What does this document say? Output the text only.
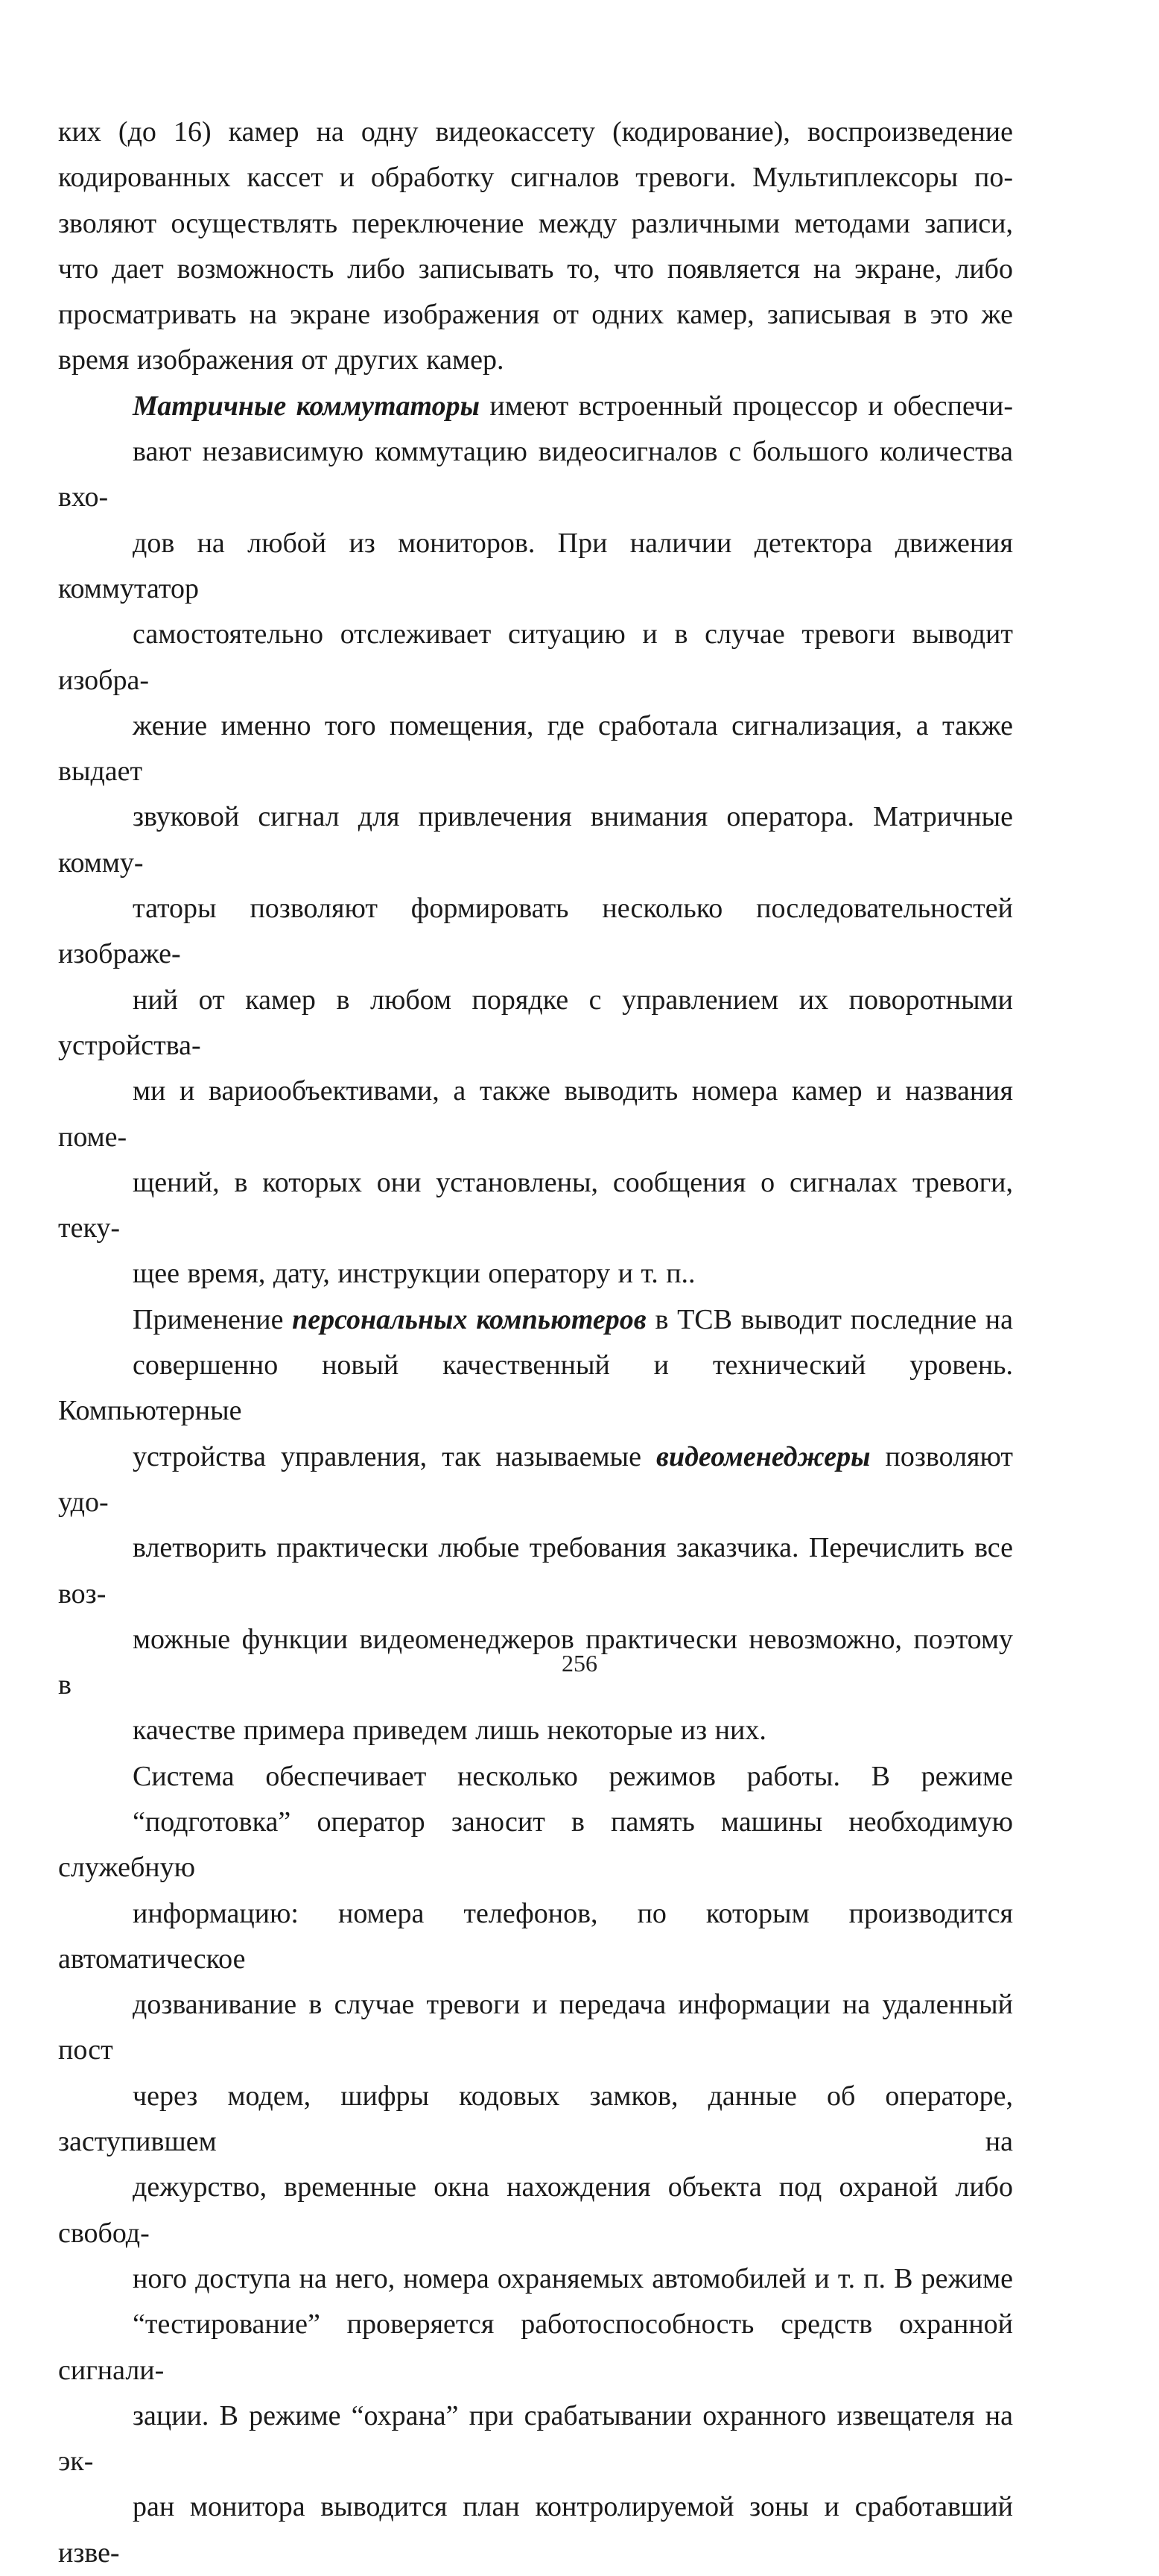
ких (до 16) камер на одну видеокассету (кодирование), воспроизведение
кодированных кассет и обработку сигналов тревоги. Мультиплексоры по-
зволяют осуществлять переключение между различными методами записи,
что дает возможность либо записывать то, что появляется на экране, либо
просматривать на экране изображения от одних камер, записывая в это же
время изображения от других камер.

Матричные коммутаторы имеют встроенный процессор и обеспечи-
вают независимую коммутацию видеосигналов с большого количества вхо-
дов на любой из мониторов. При наличии детектора движения коммутатор
самостоятельно отслеживает ситуацию и в случае тревоги выводит изобра-
жение именно того помещения, где сработала сигнализация, а также выдает
звуковой сигнал для привлечения внимания оператора. Матричные комму-
таторы позволяют формировать несколько последовательностей изображе-
ний от камер в любом порядке с управлением их поворотными устройства-
ми и вариообъективами, а также выводить номера камер и названия поме-
щений, в которых они установлены, сообщения о сигналах тревоги, теку-
щее время, дату, инструкции оператору и т. п..

Применение персональных компьютеров в ТСВ выводит последние на
совершенно новый качественный и технический уровень. Компьютерные
устройства управления, так называемые видеоменеджеры позволяют удо-
влетворить практически любые требования заказчика. Перечислить все воз-
можные функции видеоменеджеров практически невозможно, поэтому в
качестве примера приведем лишь некоторые из них.

Система обеспечивает несколько режимов работы. В режиме
“подготовка” оператор заносит в память машины необходимую служебную
информацию: номера телефонов, по которым производится автоматическое
дозванивание в случае тревоги и передача информации на удаленный пост
через модем, шифры кодовых замков, данные об операторе, заступившем на
дежурство, временные окна нахождения объекта под охраной либо свобод-
ного доступа на него, номера охраняемых автомобилей и т. п. В режиме
“тестирование” проверяется работоспособность средств охранной сигнали-
зации. В режиме “охрана” при срабатывании охранного извещателя на эк-
ран монитора выводится план контролируемой зоны и сработавший изве-

256
